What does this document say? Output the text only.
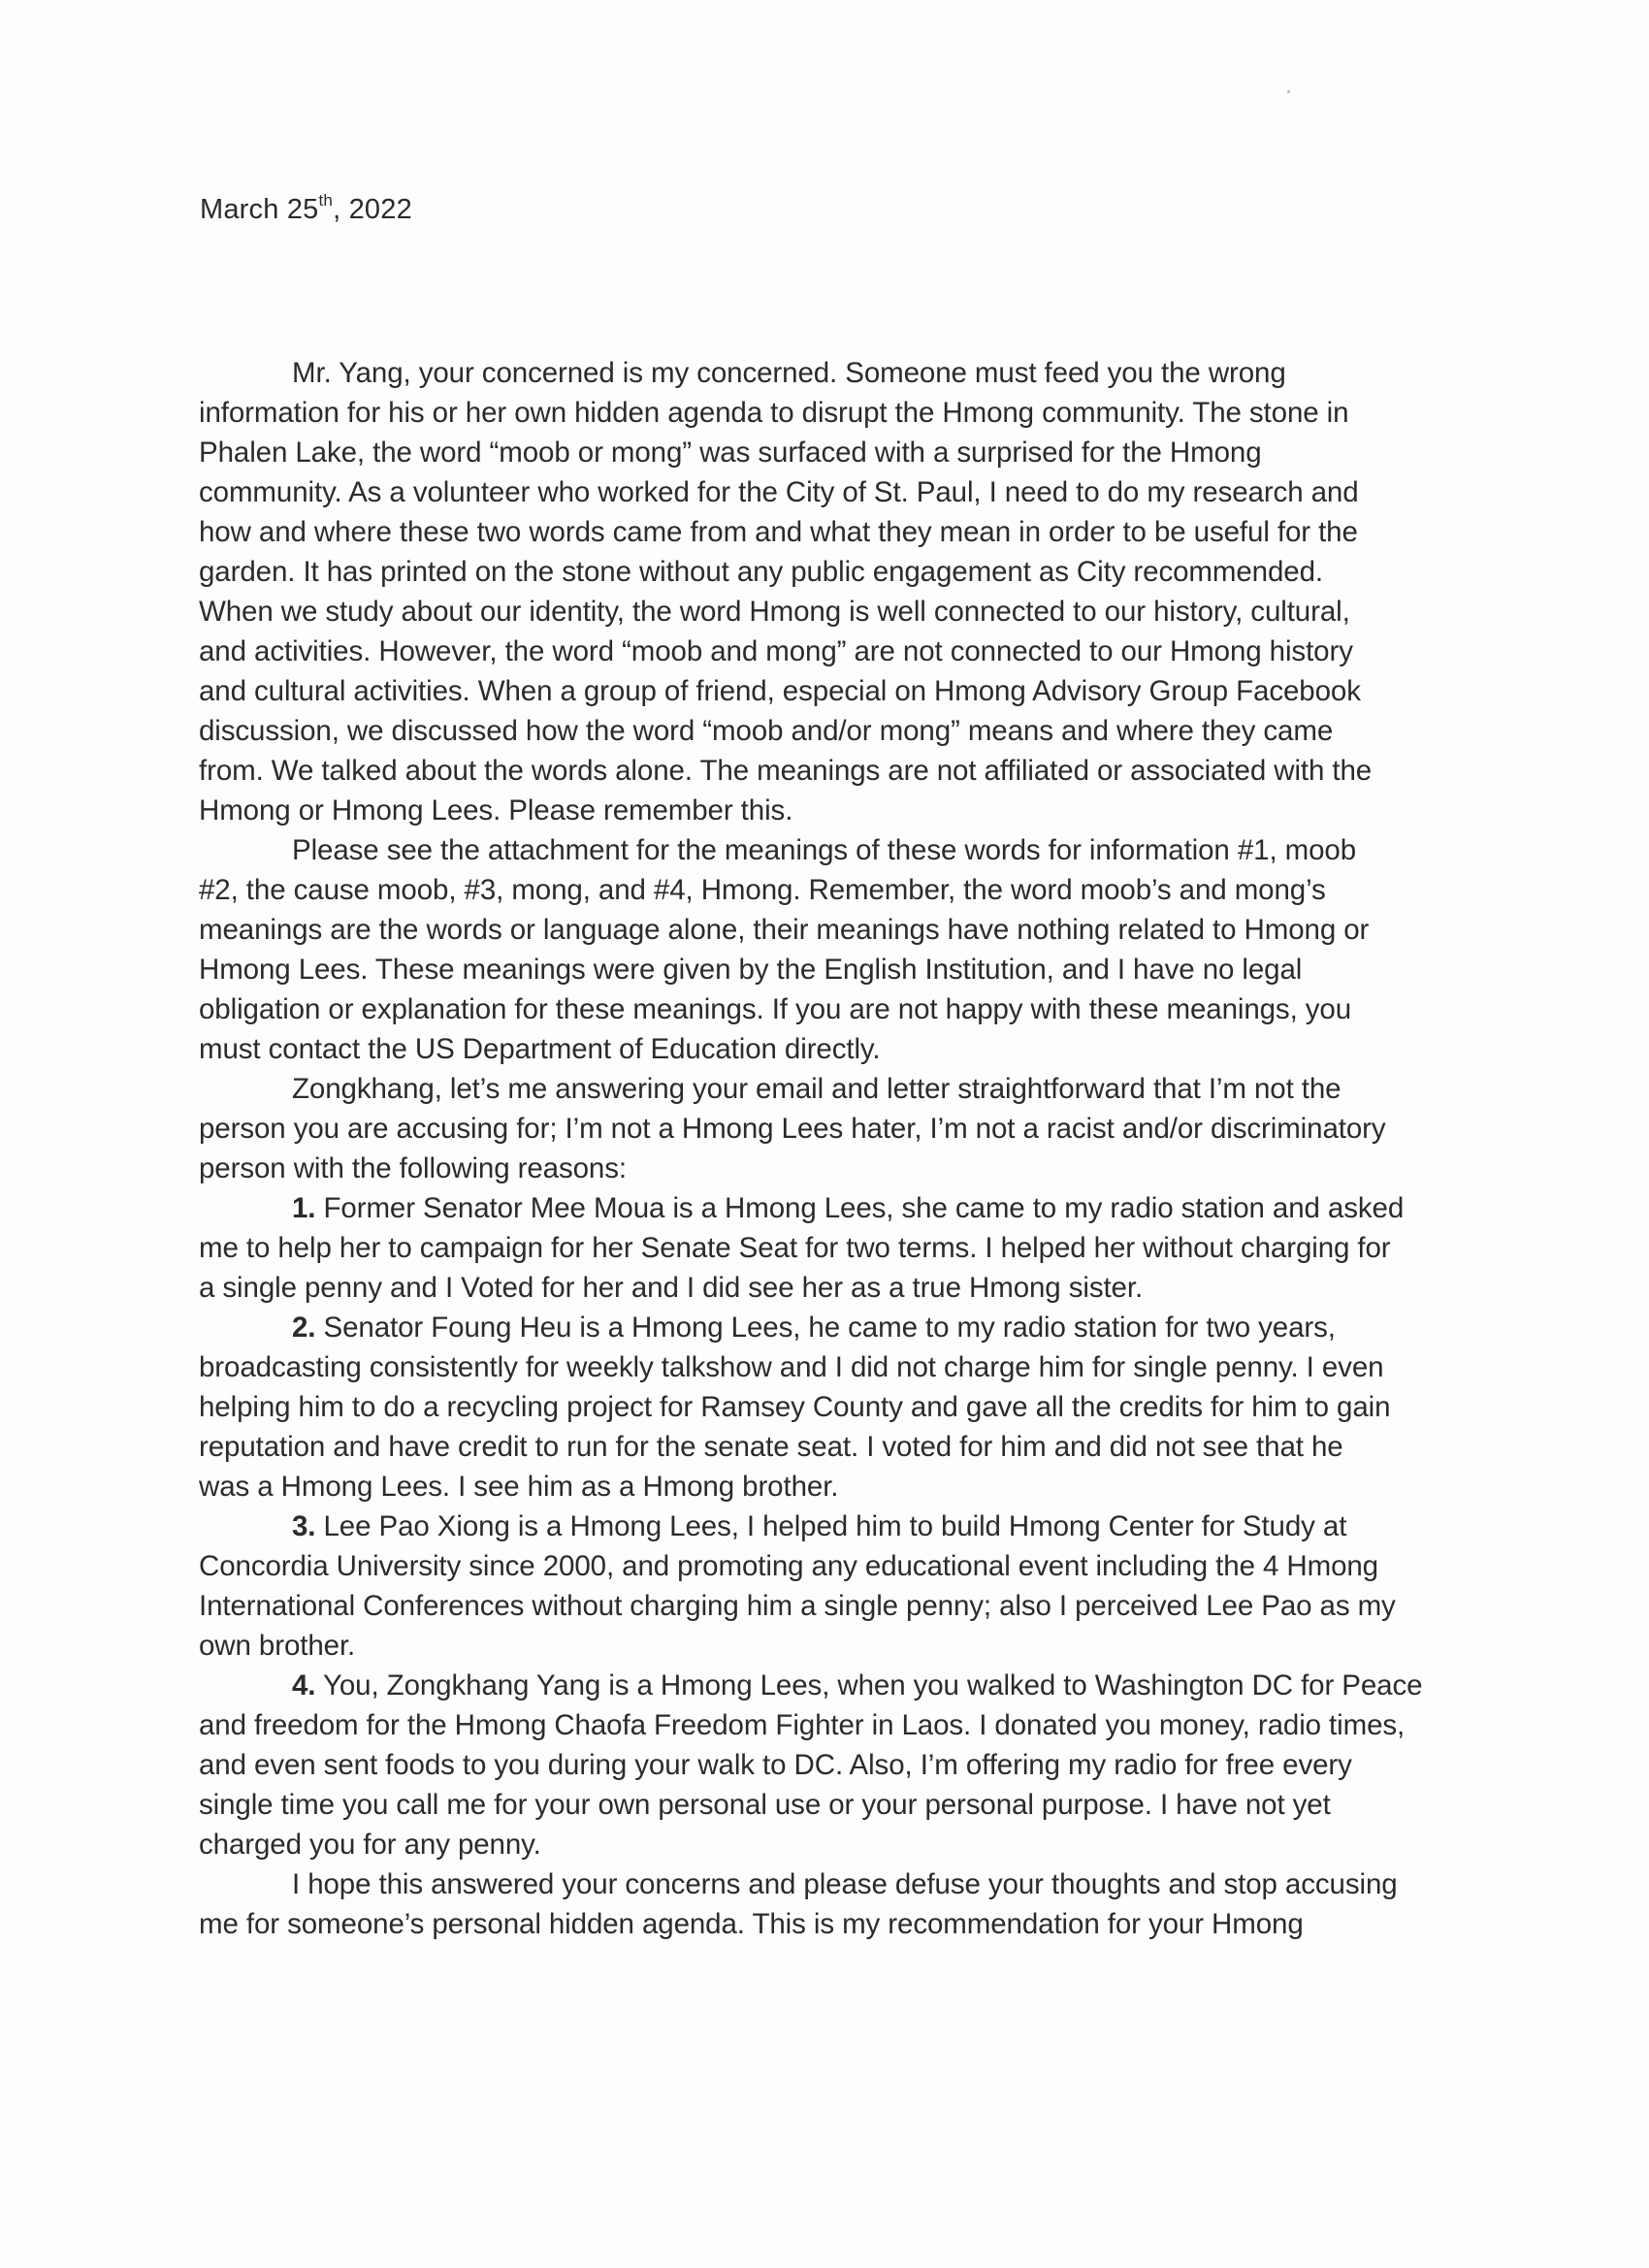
March 25th, 2022
Mr. Yang, your concerned is my concerned. Someone must feed you the wrong
information for his or her own hidden agenda to disrupt the Hmong community. The stone in
Phalen Lake, the word “moob or mong” was surfaced with a surprised for the Hmong
community. As a volunteer who worked for the City of St. Paul, I need to do my research and
how and where these two words came from and what they mean in order to be useful for the
garden. It has printed on the stone without any public engagement as City recommended.
When we study about our identity, the word Hmong is well connected to our history, cultural,
and activities. However, the word “moob and mong” are not connected to our Hmong history
and cultural activities. When a group of friend, especial on Hmong Advisory Group Facebook
discussion, we discussed how the word “moob and/or mong” means and where they came
from. We talked about the words alone. The meanings are not affiliated or associated with the
Hmong or Hmong Lees. Please remember this.
Please see the attachment for the meanings of these words for information #1, moob
#2, the cause moob, #3, mong, and #4, Hmong. Remember, the word moob’s and mong’s
meanings are the words or language alone, their meanings have nothing related to Hmong or
Hmong Lees. These meanings were given by the English Institution, and I have no legal
obligation or explanation for these meanings. If you are not happy with these meanings, you
must contact the US Department of Education directly.
Zongkhang, let’s me answering your email and letter straightforward that I’m not the
person you are accusing for; I’m not a Hmong Lees hater, I’m not a racist and/or discriminatory
person with the following reasons:
1. Former Senator Mee Moua is a Hmong Lees, she came to my radio station and asked
me to help her to campaign for her Senate Seat for two terms. I helped her without charging for
a single penny and I Voted for her and I did see her as a true Hmong sister.
2. Senator Foung Heu is a Hmong Lees, he came to my radio station for two years,
broadcasting consistently for weekly talkshow and I did not charge him for single penny. I even
helping him to do a recycling project for Ramsey County and gave all the credits for him to gain
reputation and have credit to run for the senate seat. I voted for him and did not see that he
was a Hmong Lees. I see him as a Hmong brother.
3. Lee Pao Xiong is a Hmong Lees, I helped him to build Hmong Center for Study at
Concordia University since 2000, and promoting any educational event including the 4 Hmong
International Conferences without charging him a single penny; also I perceived Lee Pao as my
own brother.
4. You, Zongkhang Yang is a Hmong Lees, when you walked to Washington DC for Peace
and freedom for the Hmong Chaofa Freedom Fighter in Laos. I donated you money, radio times,
and even sent foods to you during your walk to DC. Also, I’m offering my radio for free every
single time you call me for your own personal use or your personal purpose. I have not yet
charged you for any penny.
I hope this answered your concerns and please defuse your thoughts and stop accusing
me for someone’s personal hidden agenda. This is my recommendation for your Hmong
